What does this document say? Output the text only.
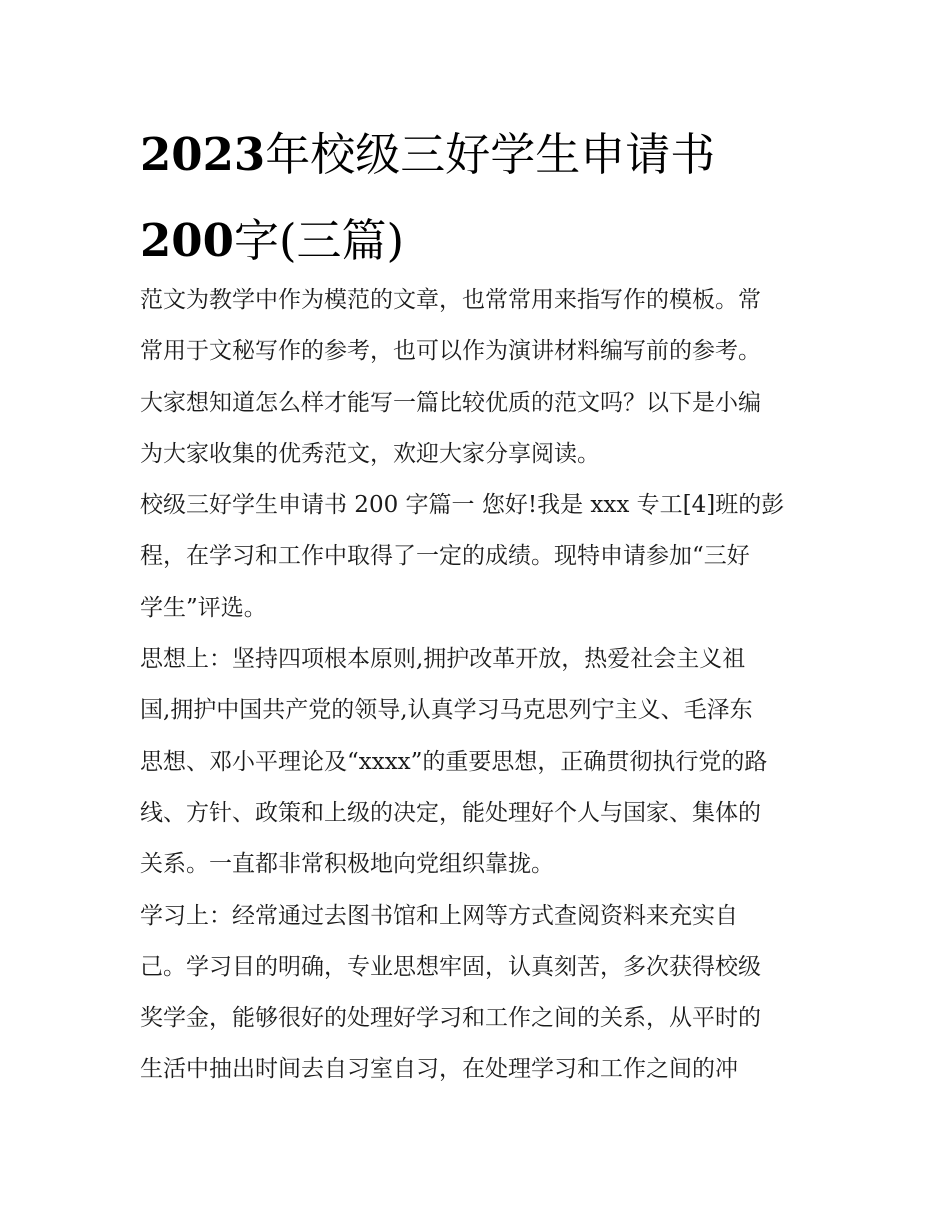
2023年校级三好学生申请书
200字(三篇)

范文为教学中作为模范的文章，也常常用来指写作的模板。常
常用于文秘写作的参考，也可以作为演讲材料编写前的参考。
大家想知道怎么样才能写一篇比较优质的范文吗？以下是小编
为大家收集的优秀范文，欢迎大家分享阅读。

校级三好学生申请书 200 字篇一 您好!我是 xxx 专工[4]班的彭
程，在学习和工作中取得了一定的成绩。现特申请参加“三好
学生”评选。

思想上：坚持四项根本原则,拥护改革开放，热爱社会主义祖
国,拥护中国共产党的领导,认真学习马克思列宁主义、毛泽东
思想、邓小平理论及“xxxx”的重要思想，正确贯彻执行党的路
线、方针、政策和上级的决定，能处理好个人与国家、集体的
关系。一直都非常积极地向党组织靠拢。

学习上：经常通过去图书馆和上网等方式查阅资料来充实自
己。学习目的明确，专业思想牢固，认真刻苦，多次获得校级
奖学金，能够很好的处理好学习和工作之间的关系，从平时的
生活中抽出时间去自习室自习，在处理学习和工作之间的冲
